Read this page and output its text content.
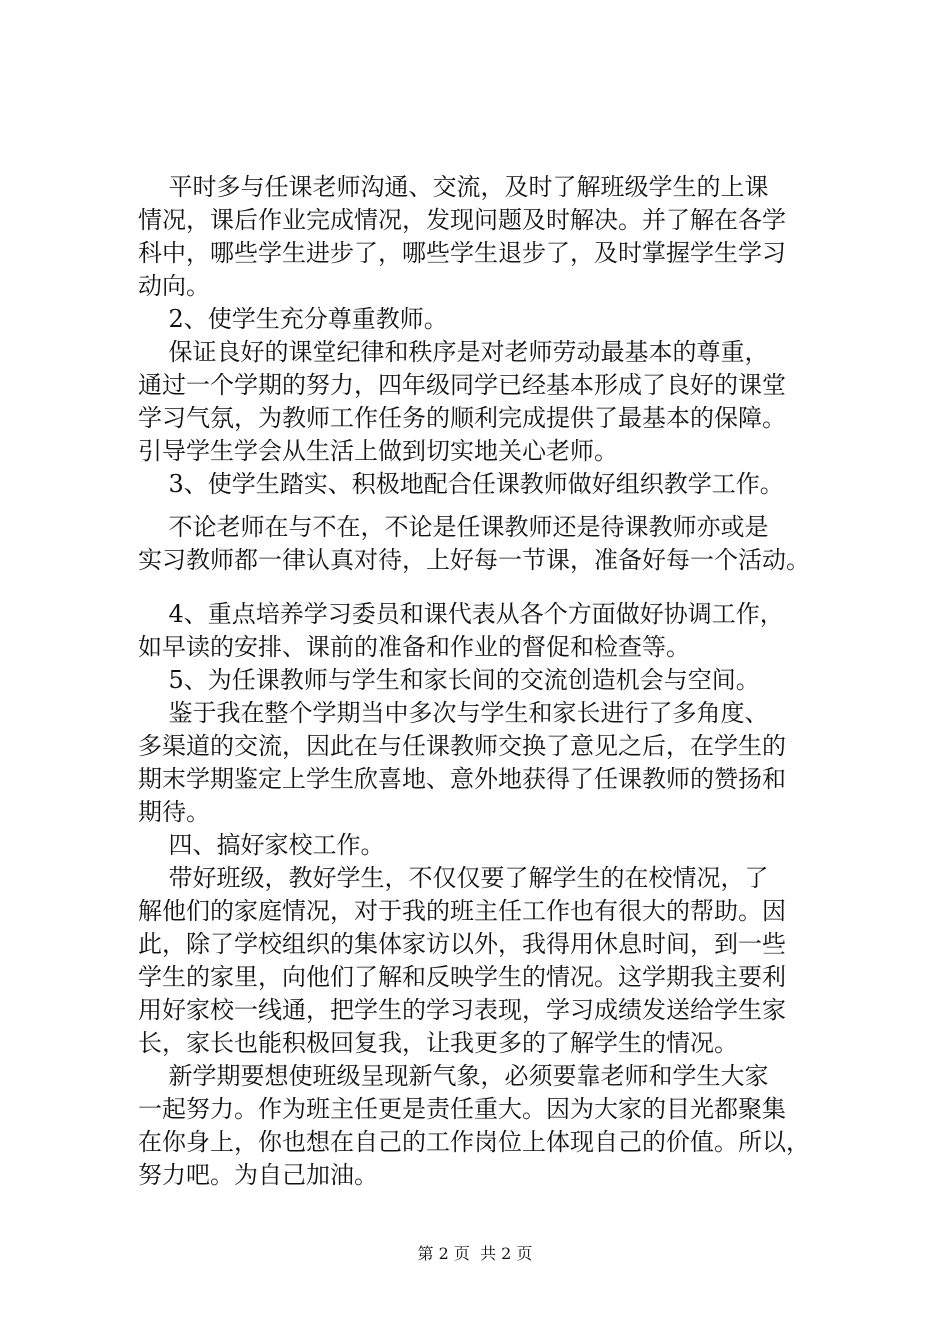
平时多与任课老师沟通、交流，及时了解班级学生的上课
情况，课后作业完成情况，发现问题及时解决。并了解在各学
科中，哪些学生进步了，哪些学生退步了，及时掌握学生学习
动向。
2、使学生充分尊重教师。
保证良好的课堂纪律和秩序是对老师劳动最基本的尊重，
通过一个学期的努力，四年级同学已经基本形成了良好的课堂
学习气氛，为教师工作任务的顺利完成提供了最基本的保障。
引导学生学会从生活上做到切实地关心老师。
3、使学生踏实、积极地配合任课教师做好组织教学工作。
不论老师在与不在，不论是任课教师还是待课教师亦或是
实习教师都一律认真对待，上好每一节课，准备好每一个活动。
4、重点培养学习委员和课代表从各个方面做好协调工作，
如早读的安排、课前的准备和作业的督促和检查等。
5、为任课教师与学生和家长间的交流创造机会与空间。
鉴于我在整个学期当中多次与学生和家长进行了多角度、
多渠道的交流，因此在与任课教师交换了意见之后，在学生的
期末学期鉴定上学生欣喜地、意外地获得了任课教师的赞扬和
期待。
四、搞好家校工作。
带好班级，教好学生，不仅仅要了解学生的在校情况，了
解他们的家庭情况，对于我的班主任工作也有很大的帮助。因
此，除了学校组织的集体家访以外，我得用休息时间，到一些
学生的家里，向他们了解和反映学生的情况。这学期我主要利
用好家校一线通，把学生的学习表现，学习成绩发送给学生家
长，家长也能积极回复我，让我更多的了解学生的情况。
新学期要想使班级呈现新气象，必须要靠老师和学生大家
一起努力。作为班主任更是责任重大。因为大家的目光都聚集
在你身上，你也想在自己的工作岗位上体现自己的价值。所以，
努力吧。为自己加油。
第 2 页  共 2 页
